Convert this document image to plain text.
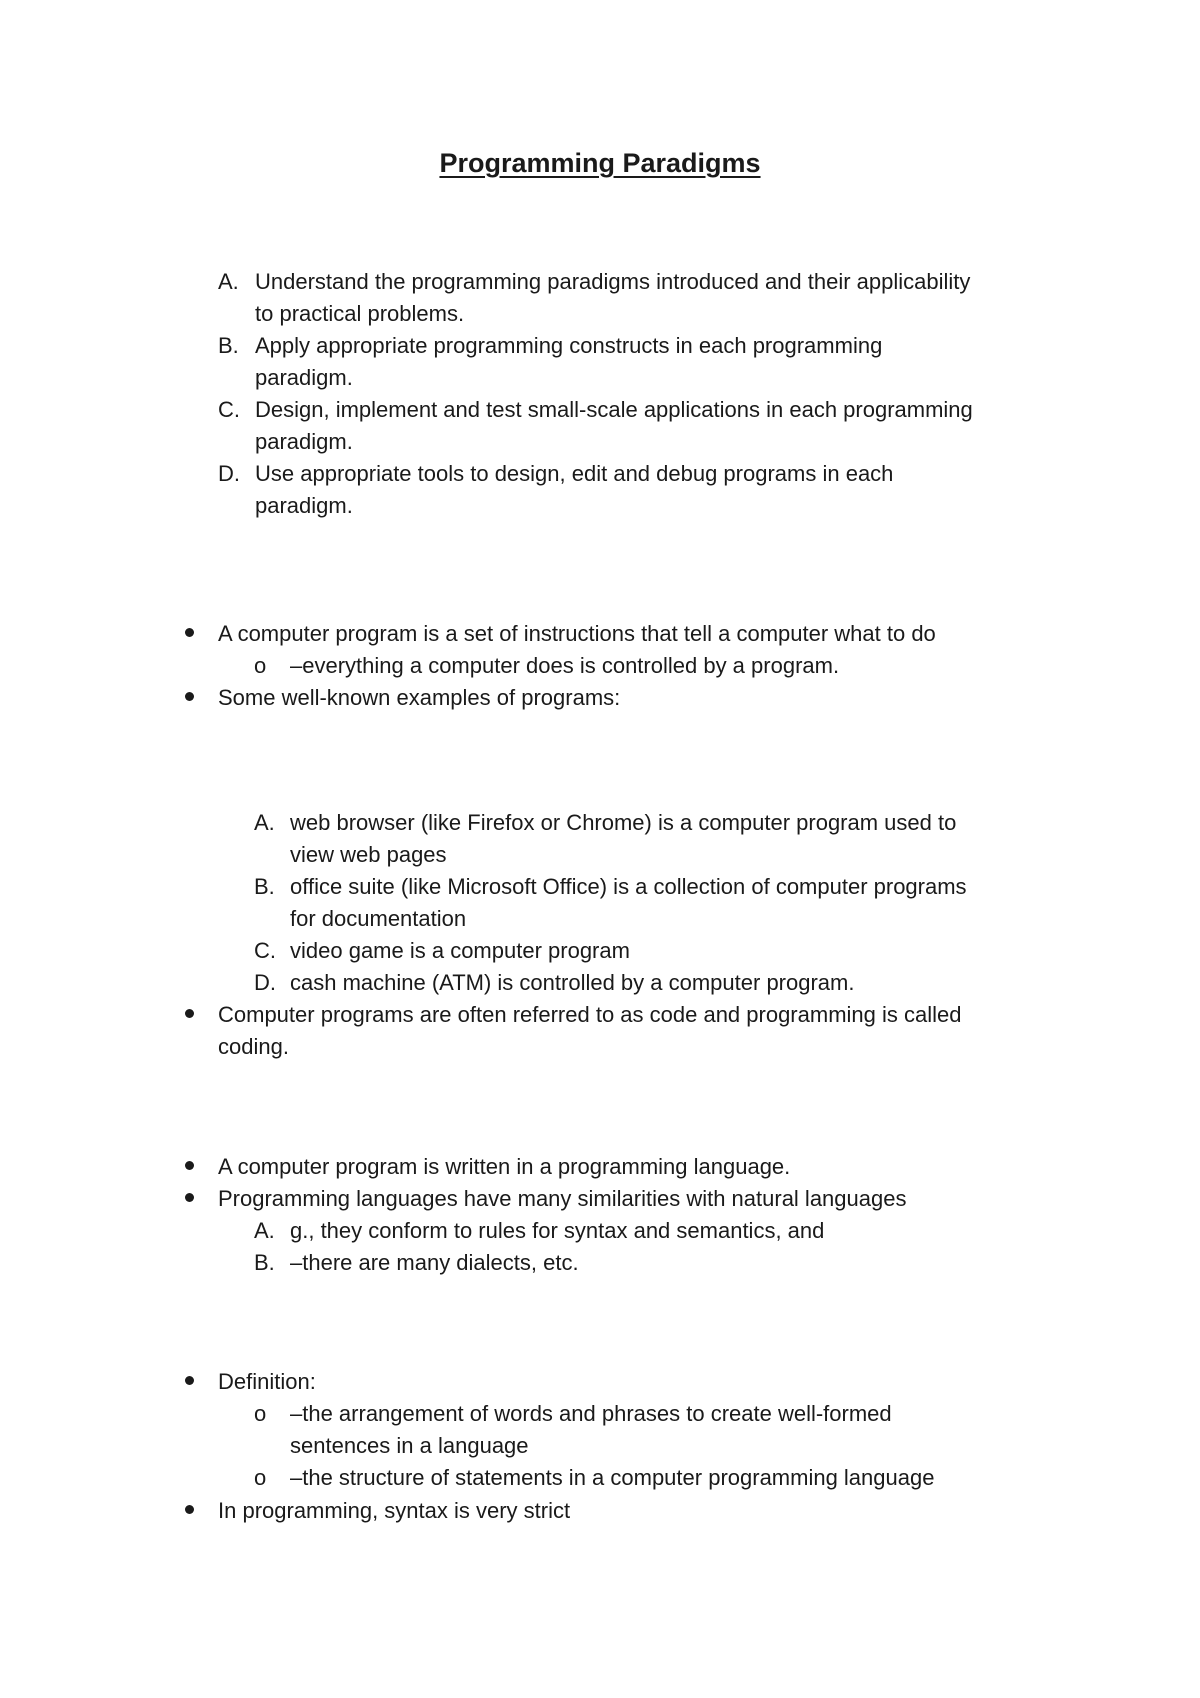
Programming Paradigms
A. Understand the programming paradigms introduced and their applicability
to practical problems.
B. Apply appropriate programming constructs in each programming
paradigm.
C. Design, implement and test small-scale applications in each programming
paradigm.
D. Use appropriate tools to design, edit and debug programs in each
paradigm.
A computer program is a set of instructions that tell a computer what to do
o –everything a computer does is controlled by a program.
Some well-known examples of programs:
A. web browser (like Firefox or Chrome) is a computer program used to
view web pages
B. office suite (like Microsoft Office) is a collection of computer programs
for documentation
C. video game is a computer program
D. cash machine (ATM) is controlled by a computer program.
Computer programs are often referred to as code and programming is called
coding.
A computer program is written in a programming language.
Programming languages have many similarities with natural languages
A. g., they conform to rules for syntax and semantics, and
B. –there are many dialects, etc.
Definition:
o –the arrangement of words and phrases to create well-formed
sentences in a language
o –the structure of statements in a computer programming language
In programming, syntax is very strict
